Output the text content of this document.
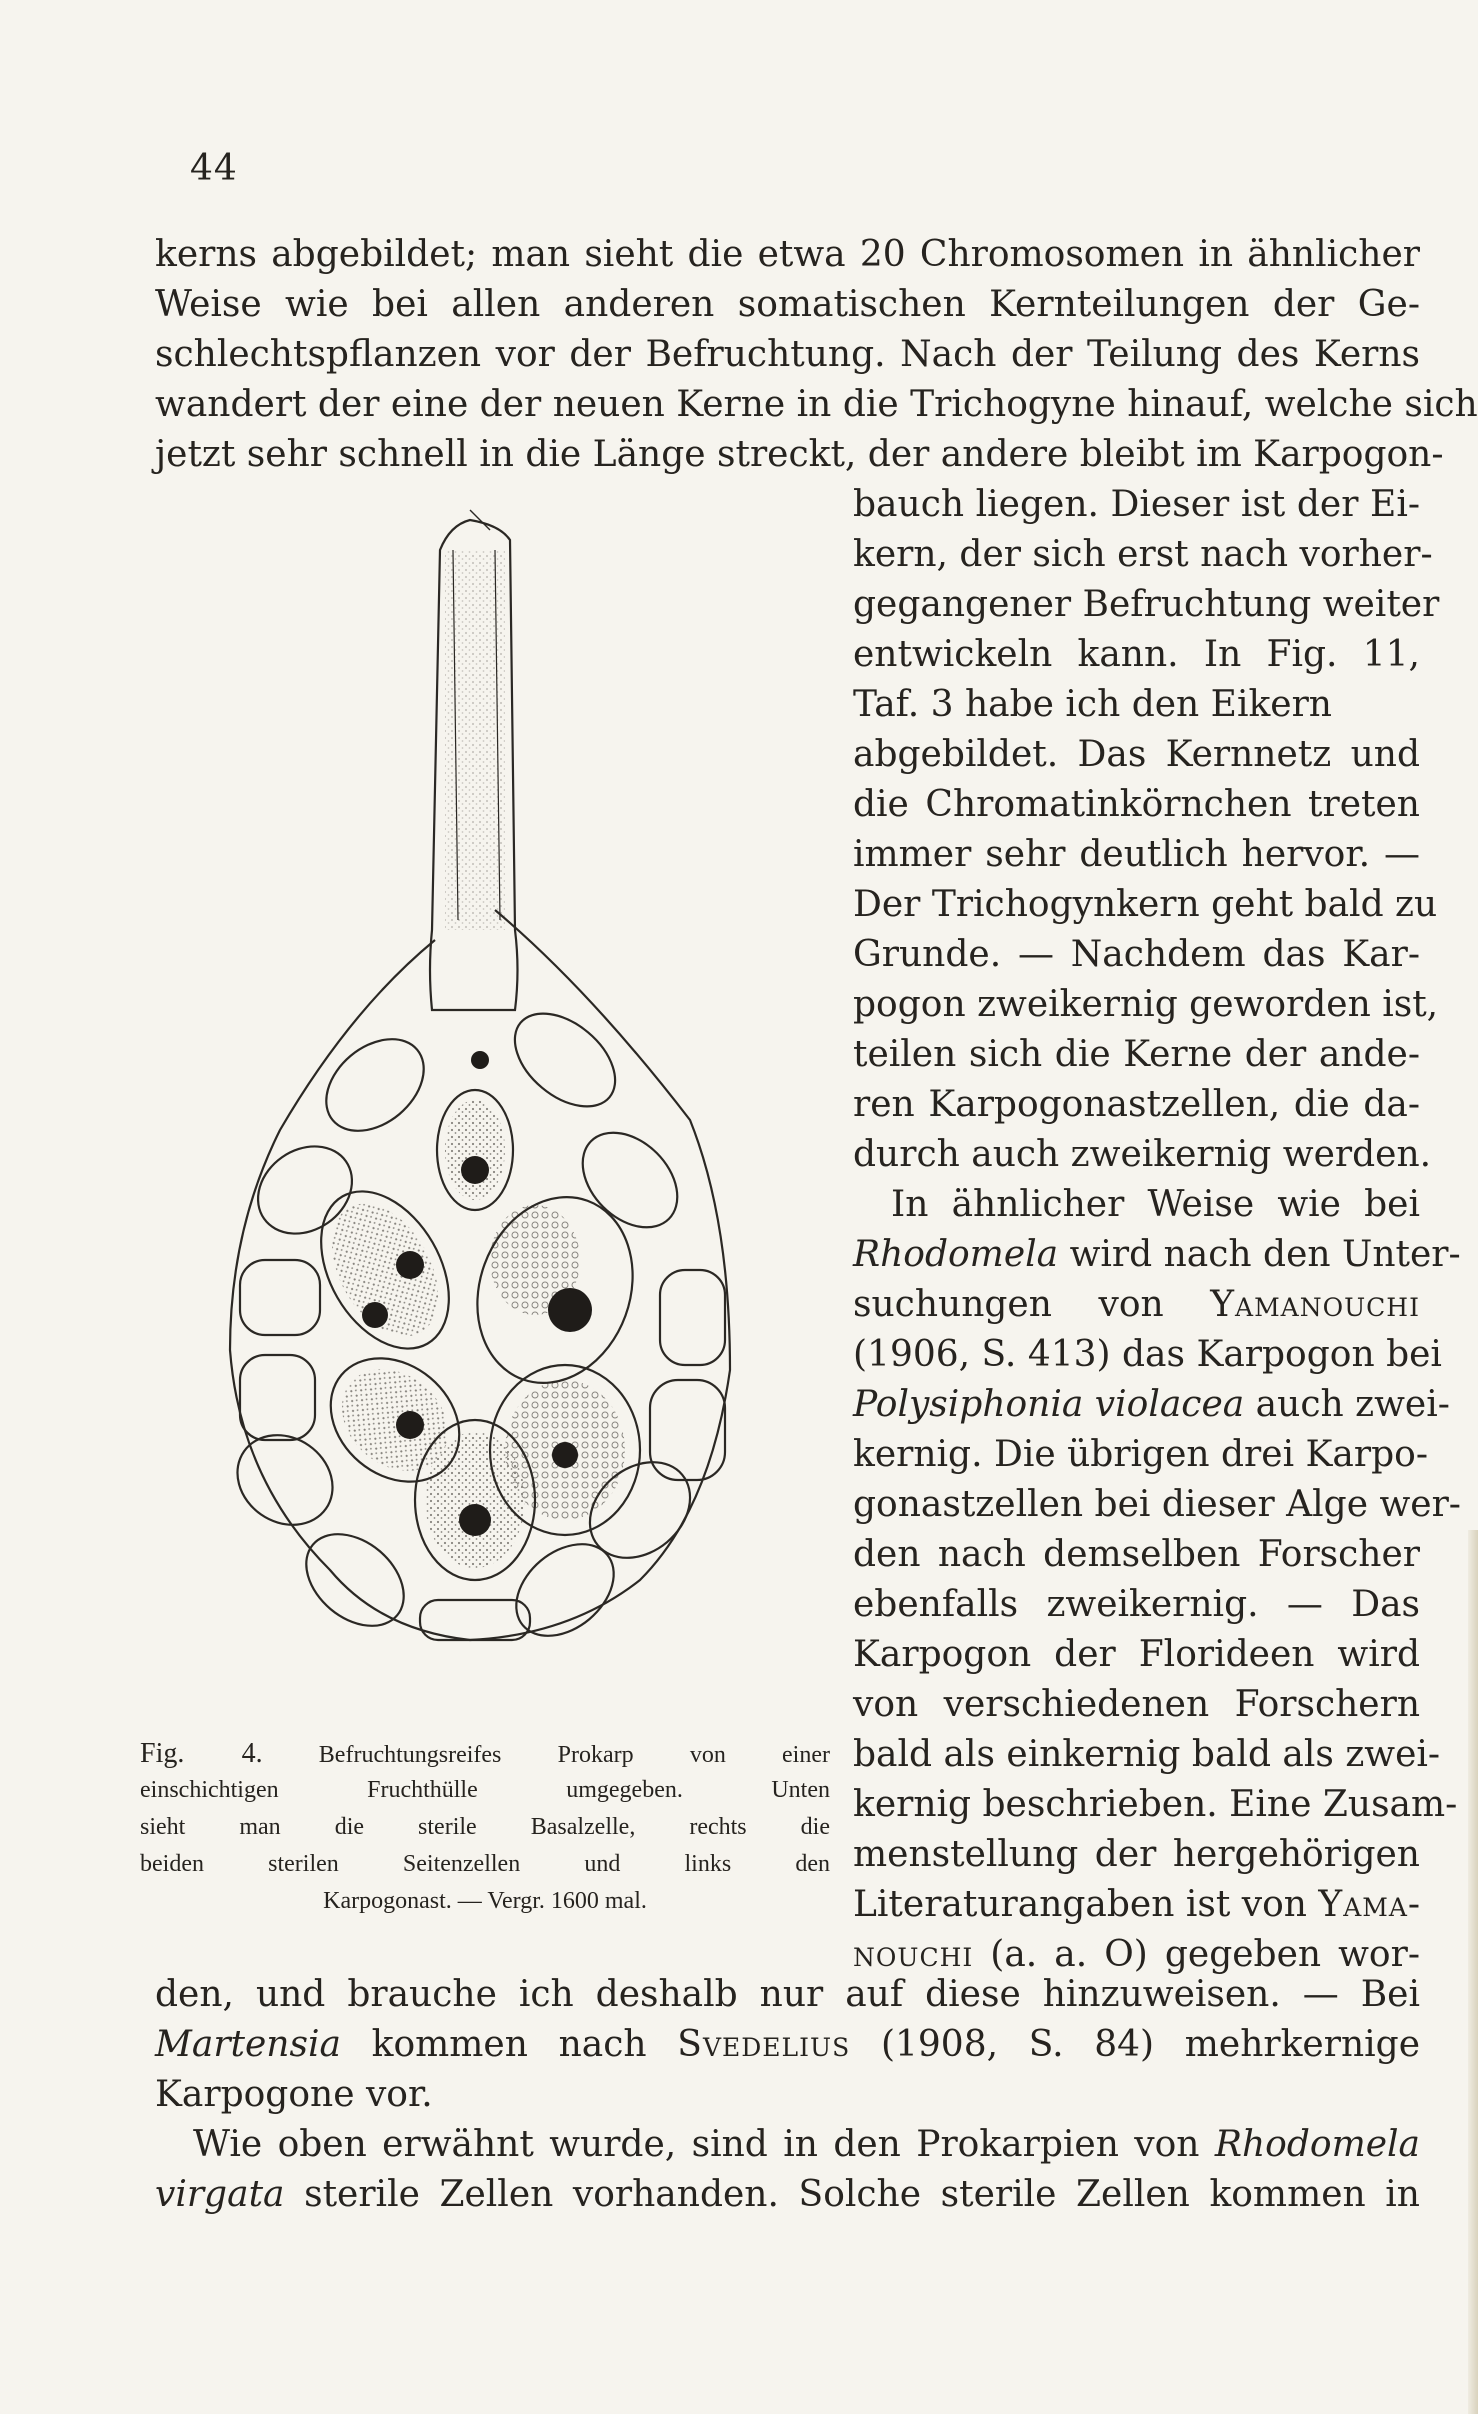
44
kerns abgebildet; man sieht die etwa 20 Chromosomen in ähnlicher
Weise wie bei allen anderen somatischen Kernteilungen der Ge-
schlechtspflanzen vor der Befruchtung. Nach der Teilung des Kerns
wandert der eine der neuen Kerne in die Trichogyne hinauf, welche sich
jetzt sehr schnell in die Länge streckt, der andere bleibt im Karpogon-
bauch liegen. Dieser ist der Ei-
kern, der sich erst nach vorher-
gegangener Befruchtung weiter
entwickeln kann. In Fig. 11,
Taf. 3 habe ich den Eikern
abgebildet. Das Kernnetz und
die Chromatinkörnchen treten
immer sehr deutlich hervor. —
Der Trichogynkern geht bald zu
Grunde. — Nachdem das Kar-
pogon zweikernig geworden ist,
teilen sich die Kerne der ande-
ren Karpogonastzellen, die da-
durch auch zweikernig werden.
In ähnlicher Weise wie bei
Rhodomela wird nach den Unter-
suchungen von Yamanouchi
(1906, S. 413) das Karpogon bei
Polysiphonia violacea auch zwei-
kernig. Die übrigen drei Karpo-
gonastzellen bei dieser Alge wer-
den nach demselben Forscher
ebenfalls zweikernig. — Das
Karpogon der Florideen wird
von verschiedenen Forschern
bald als einkernig bald als zwei-
kernig beschrieben. Eine Zusam-
menstellung der hergehörigen
Literaturangaben ist von Yama-
nouchi (a. a. O) gegeben wor-
Fig. 4. Befruchtungsreifes Prokarp von einer
einschichtigen Fruchthülle umgegeben. Unten
sieht man die sterile Basalzelle, rechts die
beiden sterilen Seitenzellen und links den
Karpogonast. — Vergr. 1600 mal.
den, und brauche ich deshalb nur auf diese hinzuweisen. — Bei
Martensia kommen nach Svedelius (1908, S. 84) mehrkernige
Karpogone vor.
Wie oben erwähnt wurde, sind in den Prokarpien von Rhodomela
virgata sterile Zellen vorhanden. Solche sterile Zellen kommen in
